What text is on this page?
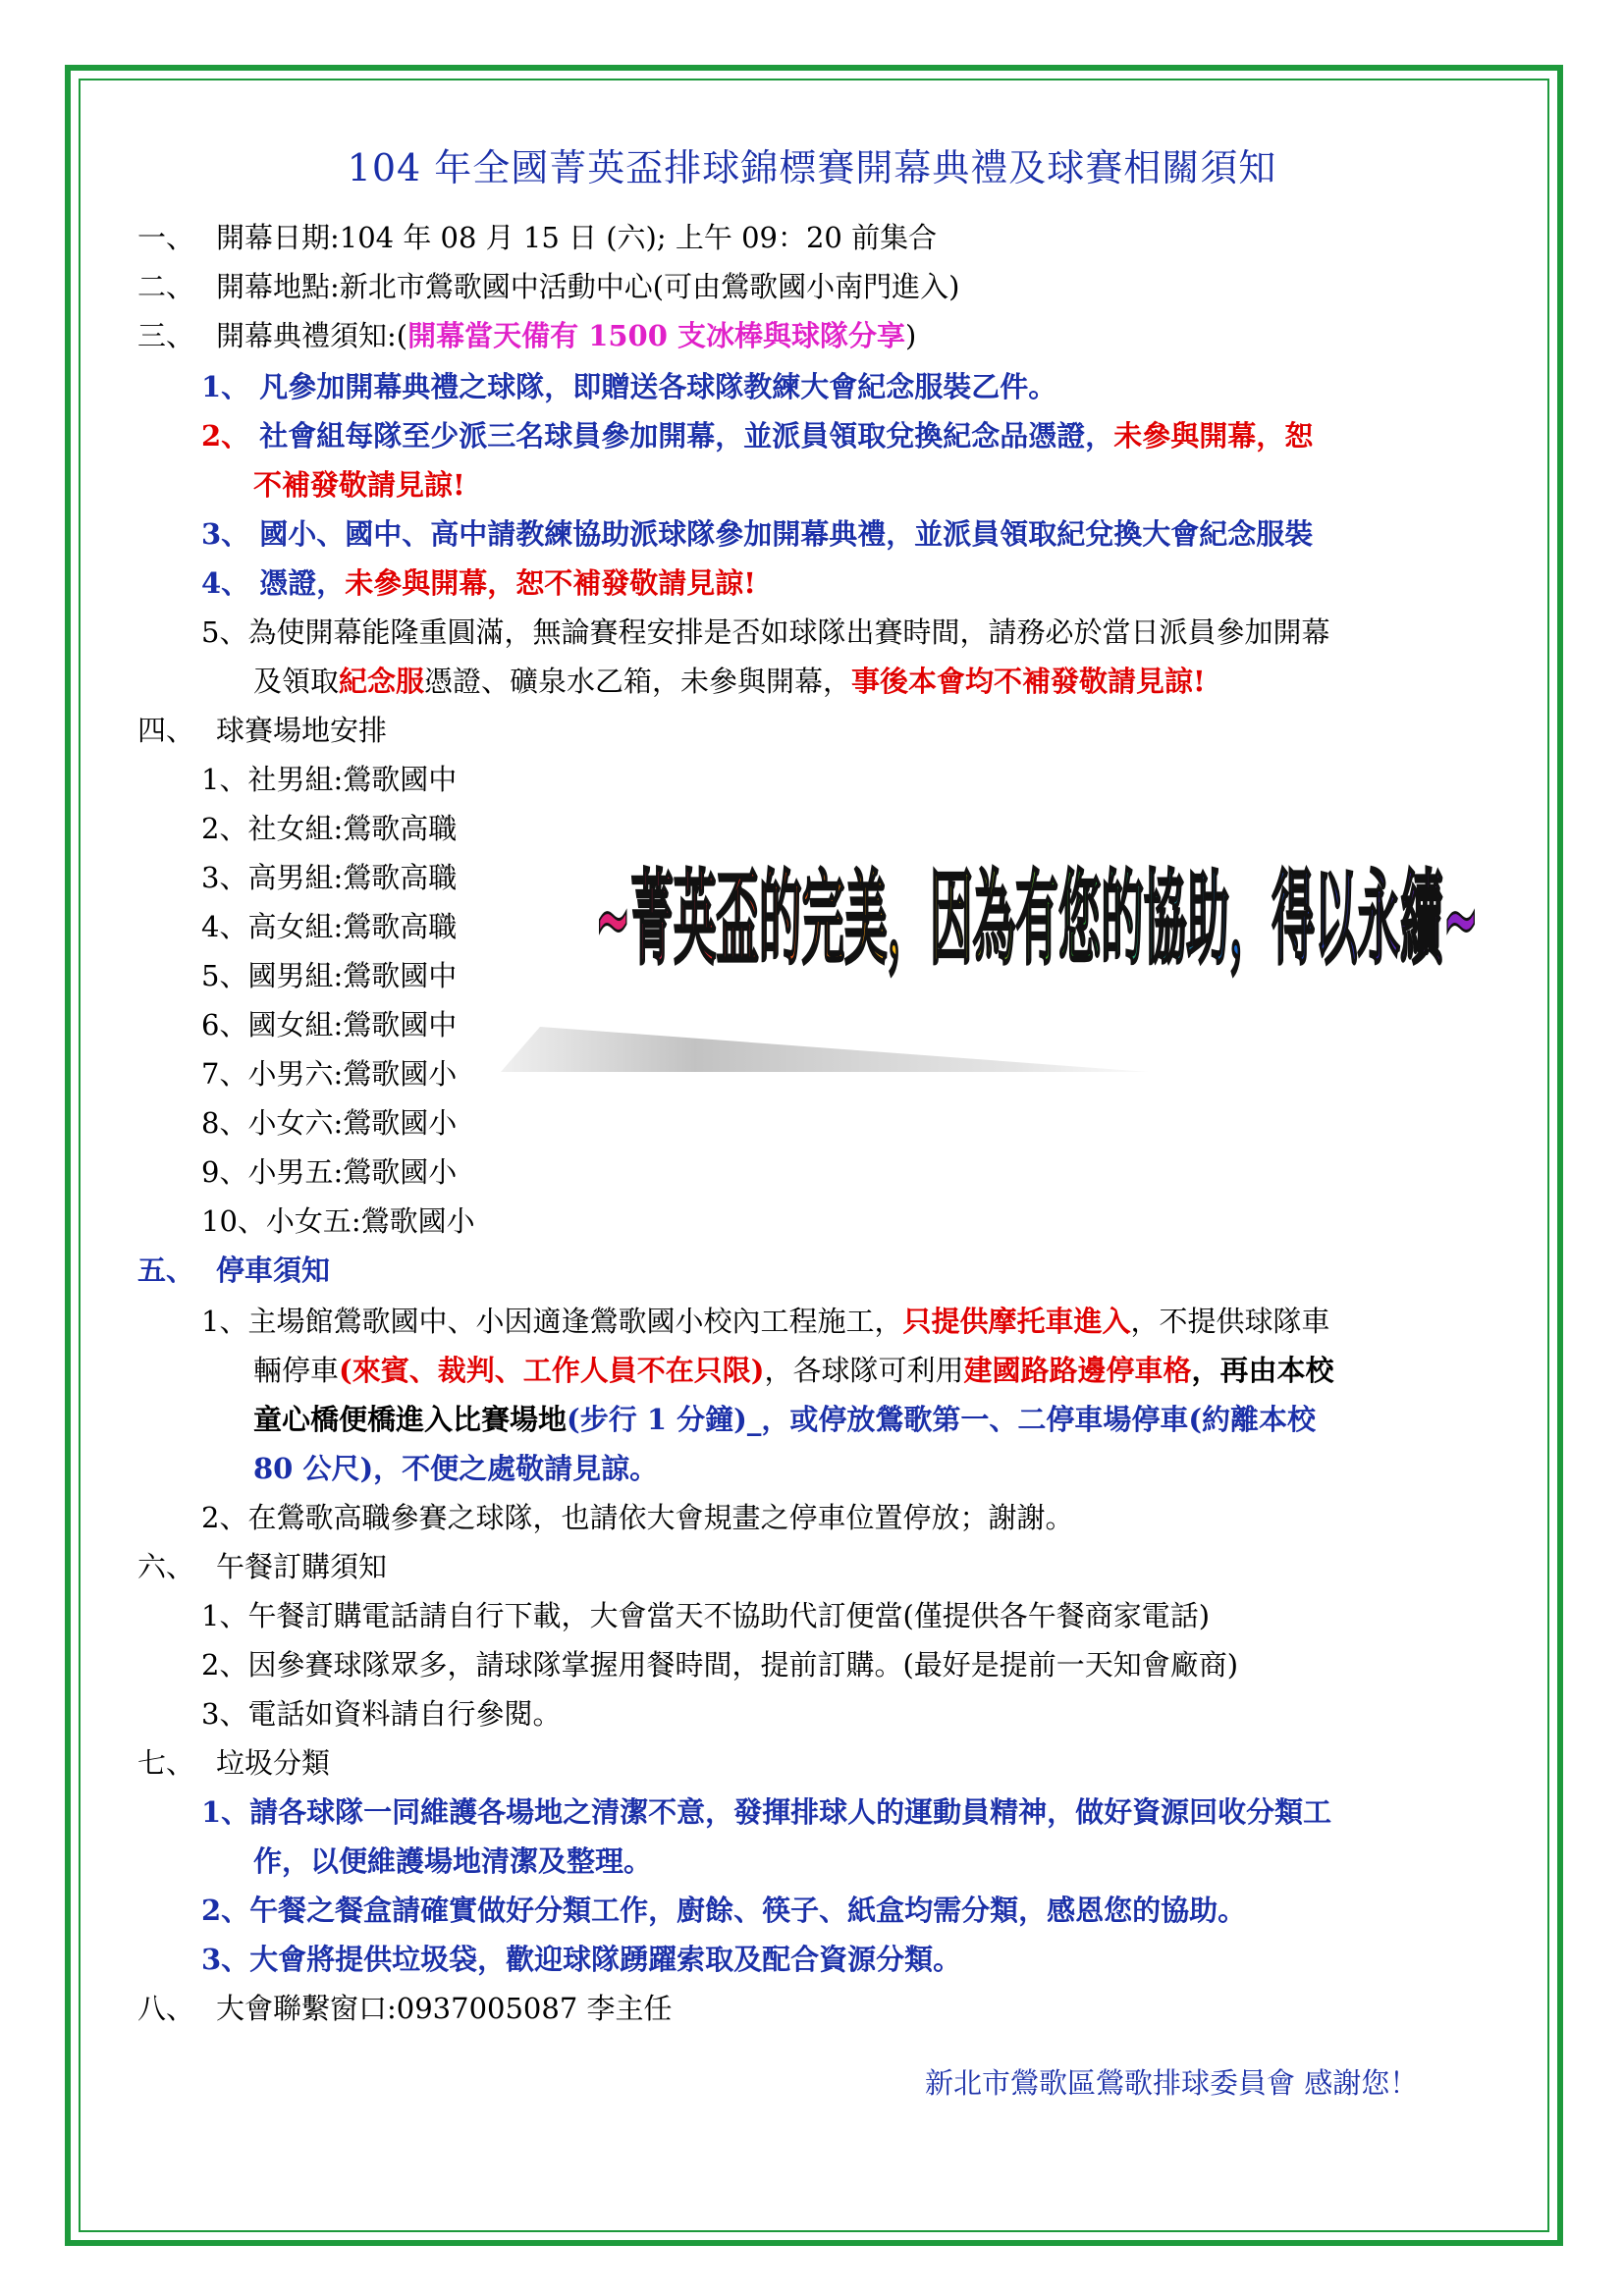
104 年全國菁英盃排球錦標賽開幕典禮及球賽相關須知
一、 開幕日期:104 年 08 月 15 日 (六); 上午 09：20 前集合
二、 開幕地點:新北市鶯歌國中活動中心(可由鶯歌國小南門進入)
三、 開幕典禮須知:(開幕當天備有 1500 支冰棒與球隊分享)
1、 凡參加開幕典禮之球隊，即贈送各球隊教練大會紀念服裝乙件。
2、 社會組每隊至少派三名球員參加開幕，並派員領取兌換紀念品憑證，未參與開幕，恕
不補發敬請見諒!
3、 國小、國中、高中請教練協助派球隊參加開幕典禮，並派員領取紀兌換大會紀念服裝
4、 憑證，未參與開幕，恕不補發敬請見諒!
5、為使開幕能隆重圓滿，無論賽程安排是否如球隊出賽時間，請務必於當日派員參加開幕
及領取紀念服憑證、礦泉水乙箱，未參與開幕，事後本會均不補發敬請見諒!
四、 球賽場地安排
1、社男組:鶯歌國中
2、社女組:鶯歌高職
3、高男組:鶯歌高職
4、高女組:鶯歌高職
5、國男組:鶯歌國中
6、國女組:鶯歌國中
7、小男六:鶯歌國小
8、小女六:鶯歌國小
9、小男五:鶯歌國小
10、小女五:鶯歌國小
~菁英盃的完美，因為有您的協助，得以永續~
五、 停車須知
1、主場館鶯歌國中、小因適逢鶯歌國小校內工程施工，只提供摩托車進入，不提供球隊車
輛停車(來賓、裁判、工作人員不在只限)，各球隊可利用建國路路邊停車格，再由本校
童心橋便橋進入比賽場地(步行 1 分鐘)_，或停放鶯歌第一、二停車場停車(約離本校
80 公尺)，不便之處敬請見諒。
2、在鶯歌高職參賽之球隊，也請依大會規畫之停車位置停放；謝謝。
六、 午餐訂購須知
1、午餐訂購電話請自行下載，大會當天不協助代訂便當(僅提供各午餐商家電話)
2、因參賽球隊眾多，請球隊掌握用餐時間，提前訂購。(最好是提前一天知會廠商)
3、電話如資料請自行參閱。
七、 垃圾分類
1、請各球隊一同維護各場地之清潔不意，發揮排球人的運動員精神，做好資源回收分類工
作，以便維護場地清潔及整理。
2、午餐之餐盒請確實做好分類工作，廚餘、筷子、紙盒均需分類，感恩您的協助。
3、大會將提供垃圾袋，歡迎球隊踴躍索取及配合資源分類。
八、 大會聯繫窗口:0937005087 李主任
新北市鶯歌區鶯歌排球委員會 感謝您！
